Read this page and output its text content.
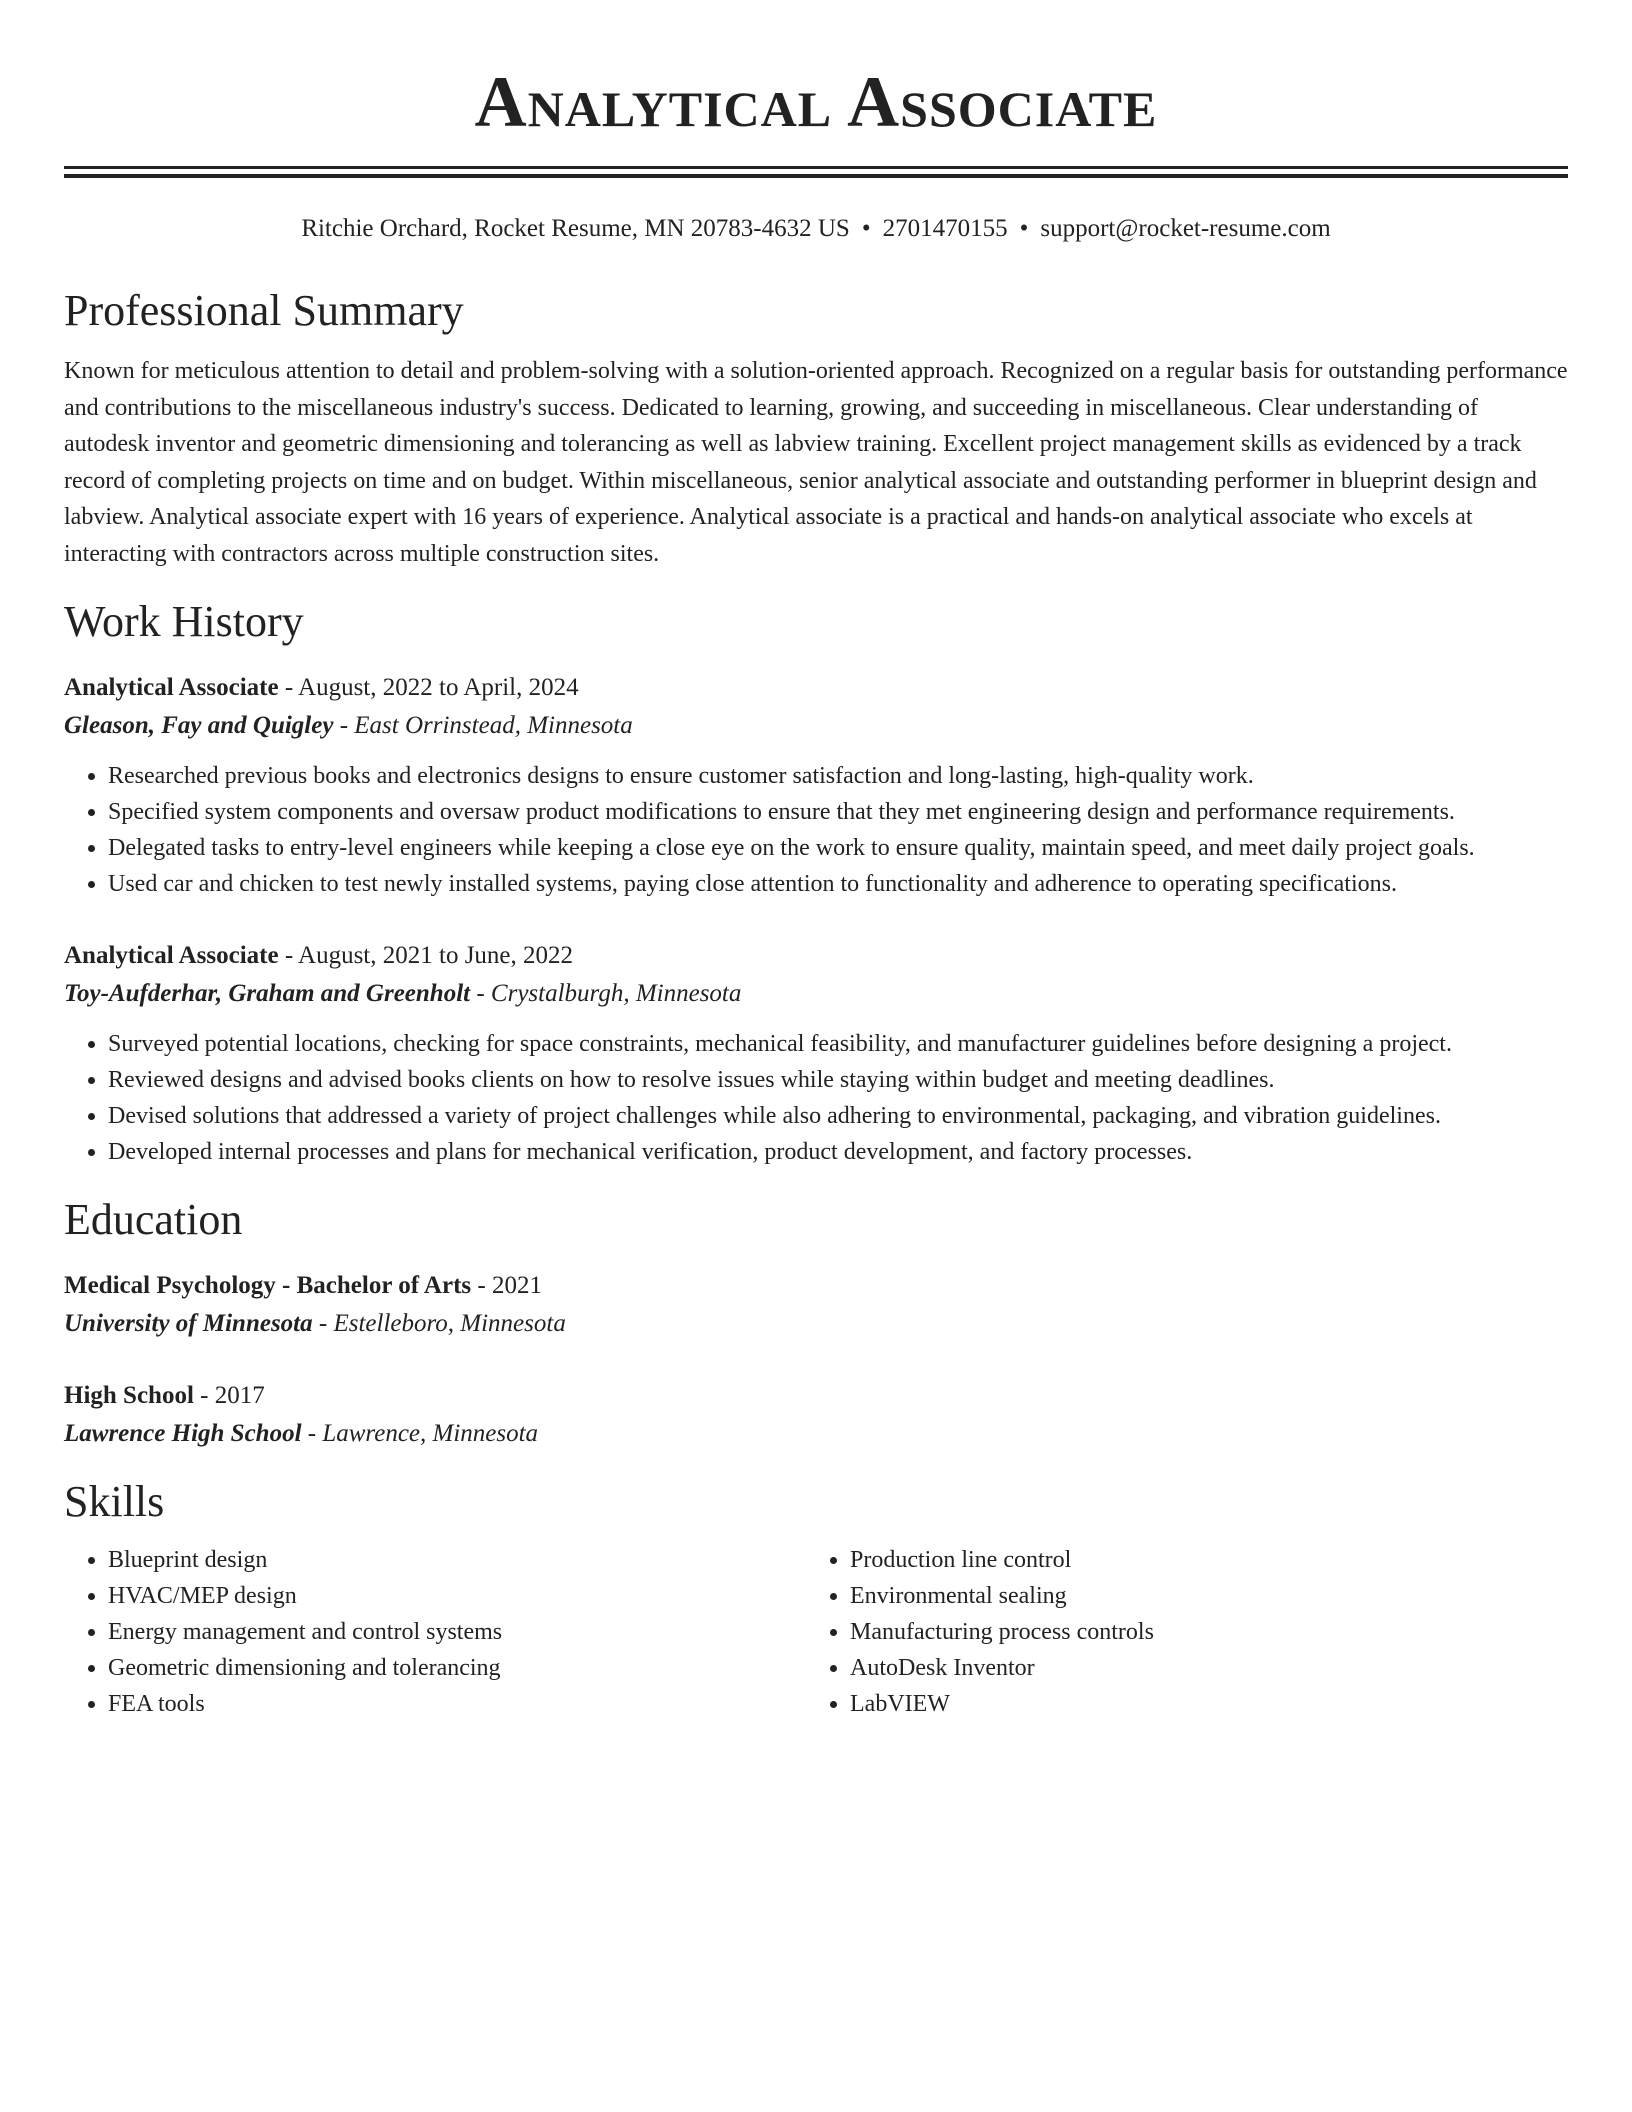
Analytical Associate
Ritchie Orchard, Rocket Resume, MN 20783-4632 US • 2701470155 • support@rocket-resume.com
Professional Summary
Known for meticulous attention to detail and problem-solving with a solution-oriented approach. Recognized on a regular basis for outstanding performance and contributions to the miscellaneous industry's success. Dedicated to learning, growing, and succeeding in miscellaneous. Clear understanding of autodesk inventor and geometric dimensioning and tolerancing as well as labview training. Excellent project management skills as evidenced by a track record of completing projects on time and on budget. Within miscellaneous, senior analytical associate and outstanding performer in blueprint design and labview. Analytical associate expert with 16 years of experience. Analytical associate is a practical and hands-on analytical associate who excels at interacting with contractors across multiple construction sites.
Work History
Analytical Associate - August, 2022 to April, 2024
Gleason, Fay and Quigley - East Orrinstead, Minnesota
• Researched previous books and electronics designs to ensure customer satisfaction and long-lasting, high-quality work.
• Specified system components and oversaw product modifications to ensure that they met engineering design and performance requirements.
• Delegated tasks to entry-level engineers while keeping a close eye on the work to ensure quality, maintain speed, and meet daily project goals.
• Used car and chicken to test newly installed systems, paying close attention to functionality and adherence to operating specifications.
Analytical Associate - August, 2021 to June, 2022
Toy-Aufderhar, Graham and Greenholt - Crystalburgh, Minnesota
• Surveyed potential locations, checking for space constraints, mechanical feasibility, and manufacturer guidelines before designing a project.
• Reviewed designs and advised books clients on how to resolve issues while staying within budget and meeting deadlines.
• Devised solutions that addressed a variety of project challenges while also adhering to environmental, packaging, and vibration guidelines.
• Developed internal processes and plans for mechanical verification, product development, and factory processes.
Education
Medical Psychology - Bachelor of Arts - 2021
University of Minnesota - Estelleboro, Minnesota
High School - 2017
Lawrence High School - Lawrence, Minnesota
Skills
• Blueprint design
• HVAC/MEP design
• Energy management and control systems
• Geometric dimensioning and tolerancing
• FEA tools
• Production line control
• Environmental sealing
• Manufacturing process controls
• AutoDesk Inventor
• LabVIEW
